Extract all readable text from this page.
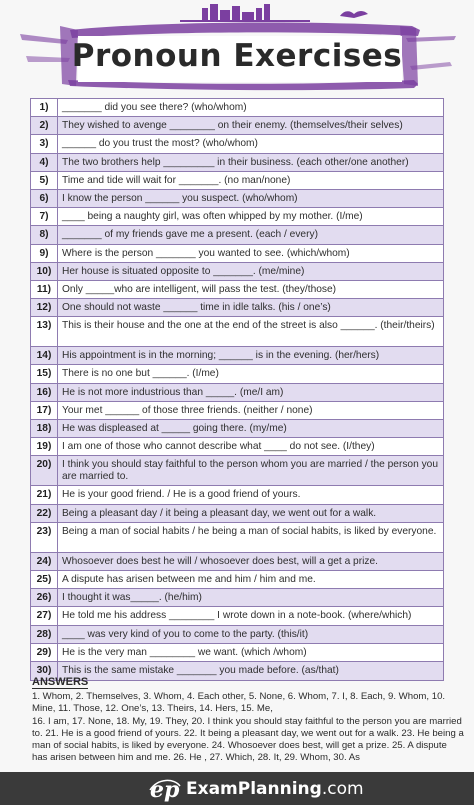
Pronoun Exercises
1)	_______ did you see there? (who/whom)
2)	They wished to avenge ________ on their enemy. (themselves/their selves)
3)	______ do you trust the most? (who/whom)
4)	The two brothers help _________ in their business. (each other/one another)
5)	Time and tide will wait for _______. (no man/none)
6)	I know the person ______ you suspect. (who/whom)
7)	____ being a naughty girl, was often whipped by my mother. (I/me)
8)	_______ of my friends gave me a present. (each / every)
9)	Where is the person _______ you wanted to see. (which/whom)
10)	Her house is situated opposite to _______. (me/mine)
11)	Only _____who are intelligent, will pass the test. (they/those)
12)	One should not waste ______ time in idle talks. (his / one’s)
13)	This is their house and the one at the end of the street is also ______. (their/theirs)
14)	His appointment is in the morning; ______ is in the evening. (her/hers)
15)	There is no one but ______. (I/me)
16)	He is not more industrious than _____. (me/I am)
17)	Your met ______ of those three friends. (neither / none)
18)	He was displeased at _____ going there. (my/me)
19)	I am one of those who cannot describe what ____ do not see. (I/they)
20)	I think you should stay faithful to the person whom you are married / the person you are married to.
21)	He is your good friend. / He is a good friend of yours.
22)	Being a pleasant day / it being a pleasant day, we went out for a walk.
23)	Being a man of social habits / he being a man of social habits, is liked by everyone.
24)	Whosoever does best he will / whosoever does best, will a get a prize.
25)	A dispute has arisen between me and him / him and me.
26)	I thought it was_____. (he/him)
27)	He told me his address ________ I wrote down in a note-book. (where/which)
28)	____ was very kind of you to come to the party. (this/it)
29)	He is the very man ________ we want. (which /whom)
30)	This is the same mistake _______ you made before. (as/that)
ANSWERS
1. Whom, 2. Themselves, 3. Whom, 4. Each other, 5. None, 6. Whom, 7. I, 8. Each, 9. Whom, 10.
Mine, 11. Those, 12. One’s, 13. Theirs, 14. Hers, 15. Me,
16. I am, 17. None, 18. My, 19. They, 20. I think you should stay faithful to the person you are married
to. 21. He is a good friend of yours. 22. It being a pleasant day, we went out for a walk. 23. He being a
man of social habits, is liked by everyone. 24. Whosoever does best, will get a prize. 25. A dispute
has arisen between him and me. 26. He , 27. Which, 28. It, 29. Whom, 30. As
ep ExamPlanning.com
